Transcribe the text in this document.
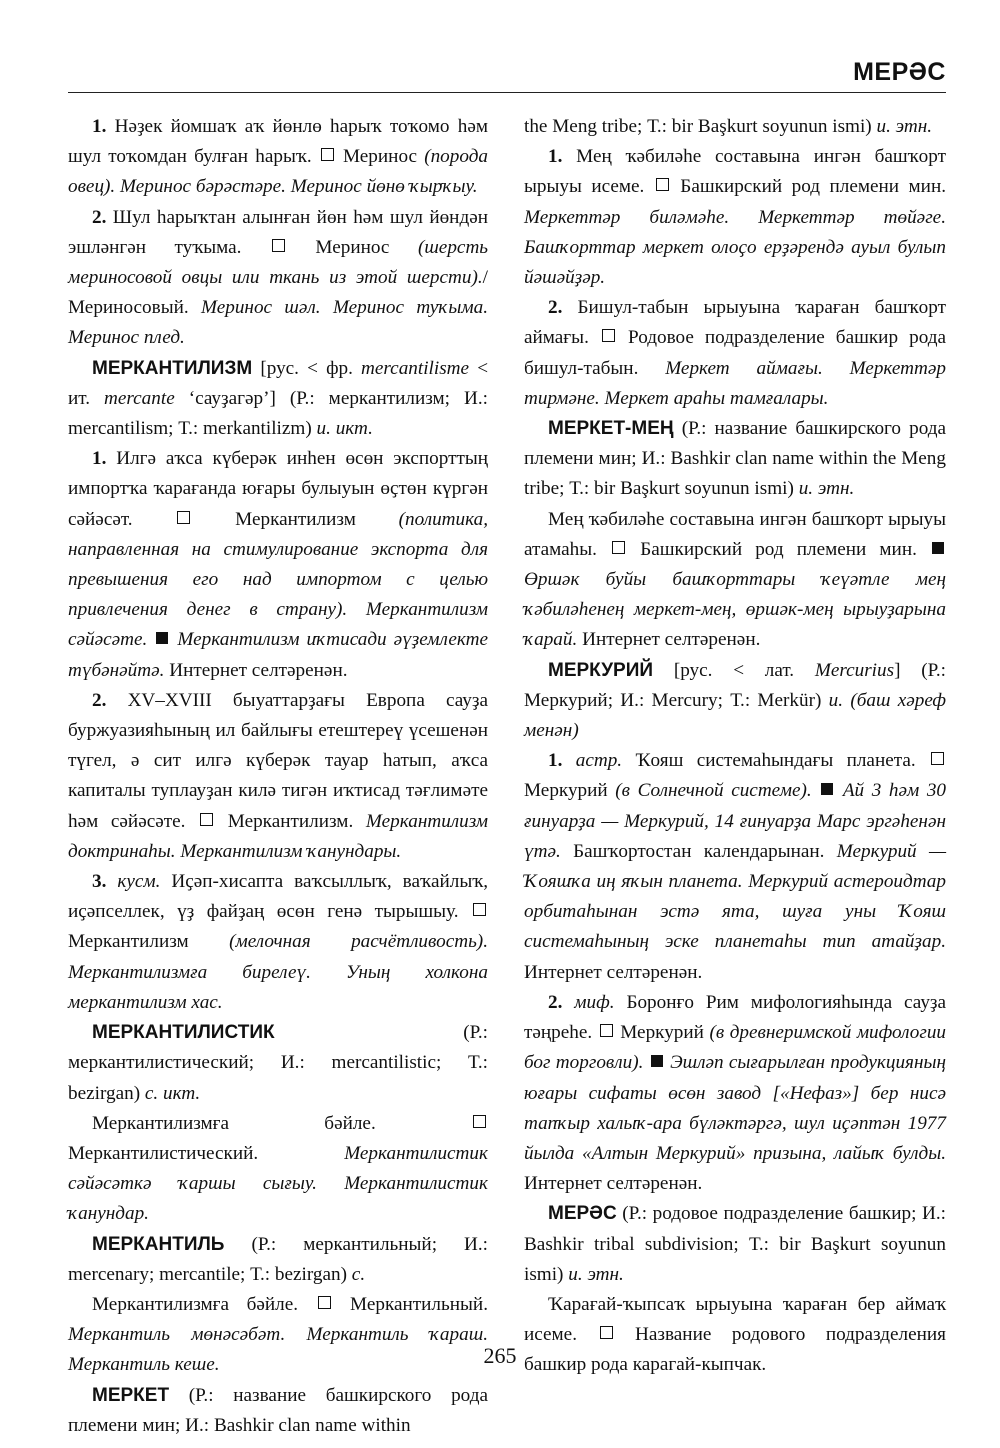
МЕРӘС

1. Нәҙек йомшаҡ аҡ йөнлө һарыҡ тоҡомо һәм шул тоҡомдан булған һарыҡ. Меринос (порода овец). Меринос бәрәстәре. Меринос йөнө ҡырҡыу.

2. Шул һарыҡтан алынған йөн һәм шул йөндән эшләнгән туҡыма.	Меринос (шерсть мериносовой овцы или ткань из этой шерсти)./ Мериносовый. Меринос шәл. Меринос туҡыма. Меринос плед.

МЕРКАНТИЛИЗМ [рус. < фр. mercantilisme < ит. mercante ‘сауҙагәр’] (Р.: меркантилизм; И.: mercantilism; Т.: merkantilizm) и. икт.

1. Илгә аҡса күберәк инһен өсөн экспорттың импортҡа ҡарағанда юғары булыуын өҫтөн күргән сәйәсәт.	Меркантилизм (политика, направленная на стимулирование экспорта для превышения его над импортом с целью привлечения денег в страну). Меркантилизм сәйәсәте. Меркантилизм иҡтисади әүҙемлекте түбәнәйтә. Интернет селтәренән.

2. XV–XVIII быуаттарҙағы Европа сауҙа буржуазияһының ил байлығы етештереү үсешенән түгел, ә сит илгә күберәк тауар һатып, аҡса капиталы туплауҙан килә тигән иҡтисад тәғлимәте һәм сәйәсәте. Меркантилизм. Меркантилизм доктринаһы. Меркантилизм ҡанундары.

3. кусм. Иҫәп-хисапта ваҡсыллыҡ, ваҡайлыҡ, иҫәпселлек, үҙ файҙаң өсөн генә тырышыу.  Меркантилизм (мелочная расчётливость). Меркантилизмға бирелеү. Уның холкона меркантилизм хас.

МЕРКАНТИЛИСТИК	(Р.: меркантилистический; И.: mercantilistic; Т.: bezirgan) с. икт.

Меркантилизмға бәйле.  Меркантилистический.	Меркантилистик сәйәсәткә ҡаршы сығыу. Меркантилистик ҡанундар.

МЕРКАНТИЛЬ (Р.: меркантильный; И.: mercenary; mercantile; Т.: bezirgan) с.

Меркантилизмға бәйле.	Меркантильный. Меркантиль мөнәсәбәт. Меркантиль ҡараш. Меркантиль кеше.

МЕРКЕТ (Р.: название башкирского рода племени мин; И.: Bashkir clan name within

the Meng tribe; Т.: bir Başkurt soyunun ismi) и. этн.

1. Мең ҡәбиләһе составына ингән башҡорт ырыуы исеме. Башкирский род племени мин. Меркеттәр биләмәһе. Меркеттәр төйәге. Башҡорттар меркет олоҫо ерҙәрендә ауыл булып йәшәйҙәр.

2. Бишул-табын ырыуына ҡараған башҡорт аймағы. Родовое подразделение башкир рода бишул-табын. Меркет аймағы. Меркеттәр тирмәне. Меркет араһы тамғалары.

МЕРКЕТ-МЕҢ (Р.: название башкирского рода племени мин; И.: Bashkir clan name within the Meng tribe; Т.: bir Başkurt soyunun ismi) и. этн.

Мең ҡәбиләһе составына ингән башҡорт ырыуы атамаһы. Башкирский род племени мин.  Өршәк буйы башҡорттары ҡеүәтле мең ҡәбиләһенең меркет-мең, өршәк-мең ырыуҙарына ҡарай. Интернет селтәренән.

МЕРКУРИЙ [рус. < лат. Mercurius] (Р.: Меркурий; И.: Mercury; Т.: Merkür) и. (баш хәреф менән)

1. астр. Ҡояш системаһындағы планета.  Меркурий (в Солнечной системе). Ай 3 һәм 30 ғинуарҙа — Меркурий, 14 ғинуарҙа Марс эргәһенән үтә. Башҡортостан календарынан. Меркурий — Ҡояшҡа иң яҡын планета. Меркурий астероидтар орбитаһынан эстә ята, шуға уны Ҡояш системаһының эске планетаһы тип атайҙар. Интернет селтәренән.

2. миф. Боронғо Рим мифологияһында сауҙа тәңреһе. Меркурий (в древнеримской мифологии бог торговли). Эшләп сығарылған продукцияның юғары сифаты өсөн завод [«Нефаз»] бер нисә тапҡыр халыҡ-ара бүләктәргә, шул иҫәптән 1977 йылда «Алтын Меркурий» призына, лайыҡ булды. Интернет селтәренән.

МЕРӘС (Р.: родовое подразделение башкир; И.: Bashkir tribal subdivision; Т.: bir Başkurt soyunun ismi) и. этн.

Ҡарағай-ҡыпсаҡ ырыуына ҡараған бер аймаҡ исеме.	Название родового подразделения башкир рода карагай-кыпчак.

265
